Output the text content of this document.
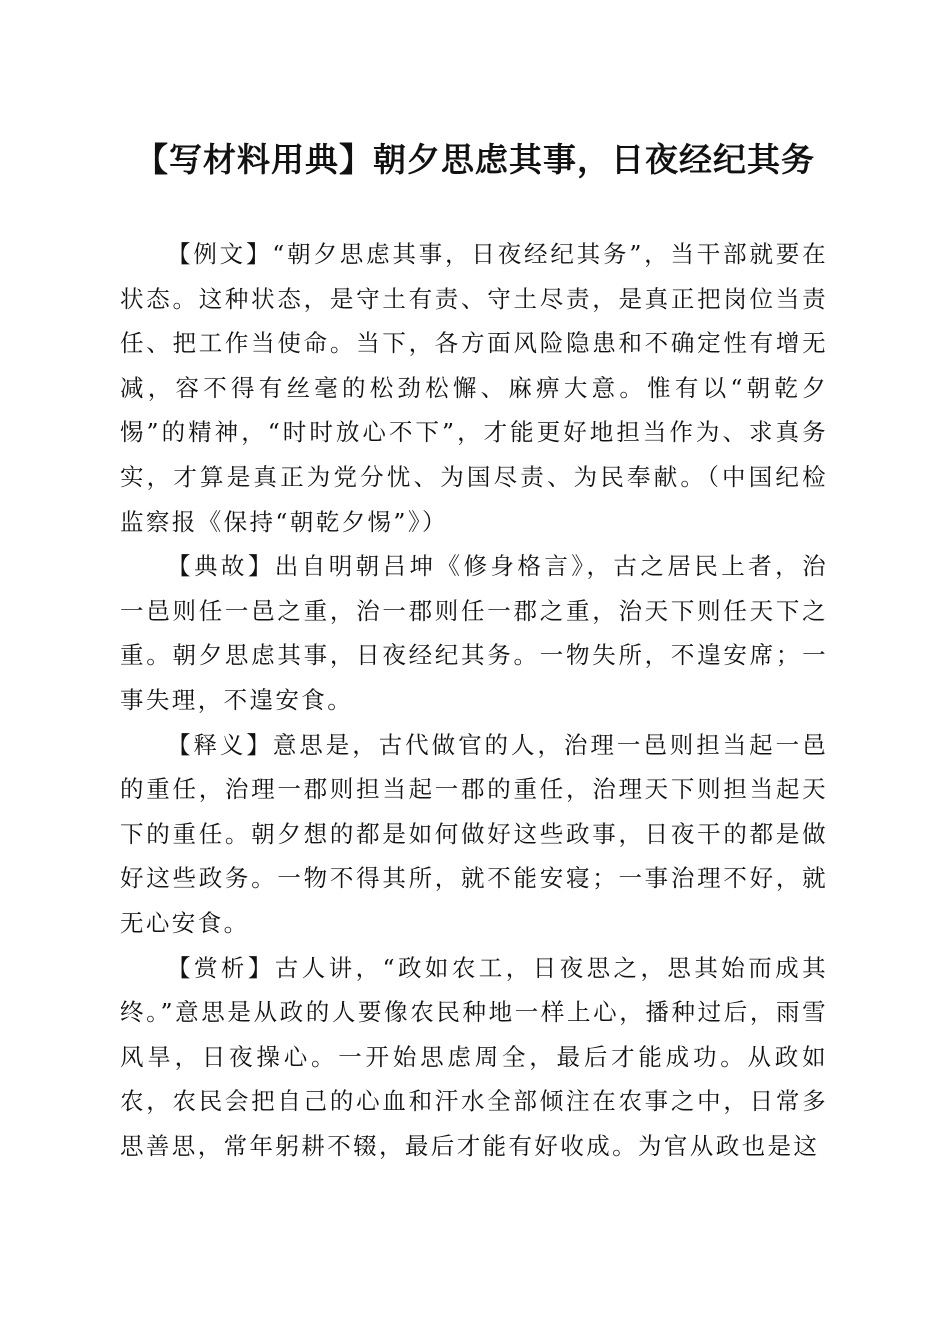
【写材料用典】朝夕思虑其事，日夜经纪其务

【例文】“朝夕思虑其事，日夜经纪其务”，当干部就要在状态。这种状态，是守土有责、守土尽责，是真正把岗位当责任、把工作当使命。当下，各方面风险隐患和不确定性有增无减，容不得有丝毫的松劲松懈、麻痹大意。惟有以“朝乾夕惕”的精神，“时时放心不下”，才能更好地担当作为、求真务实，才算是真正为党分忧、为国尽责、为民奉献。（中国纪检监察报《保持“朝乾夕惕”》）

【典故】出自明朝吕坤《修身格言》，古之居民上者，治一邑则任一邑之重，治一郡则任一郡之重，治天下则任天下之重。朝夕思虑其事，日夜经纪其务。一物失所，不遑安席；一事失理，不遑安食。

【释义】意思是，古代做官的人，治理一邑则担当起一邑的重任，治理一郡则担当起一郡的重任，治理天下则担当起天下的重任。朝夕想的都是如何做好这些政事，日夜干的都是做好这些政务。一物不得其所，就不能安寝；一事治理不好，就无心安食。

【赏析】古人讲，“政如农工，日夜思之，思其始而成其终。”意思是从政的人要像农民种地一样上心，播种过后，雨雪风旱，日夜操心。一开始思虑周全，最后才能成功。从政如农，农民会把自己的心血和汗水全部倾注在农事之中，日常多思善思，常年躬耕不辍，最后才能有好收成。为官从政也是这
